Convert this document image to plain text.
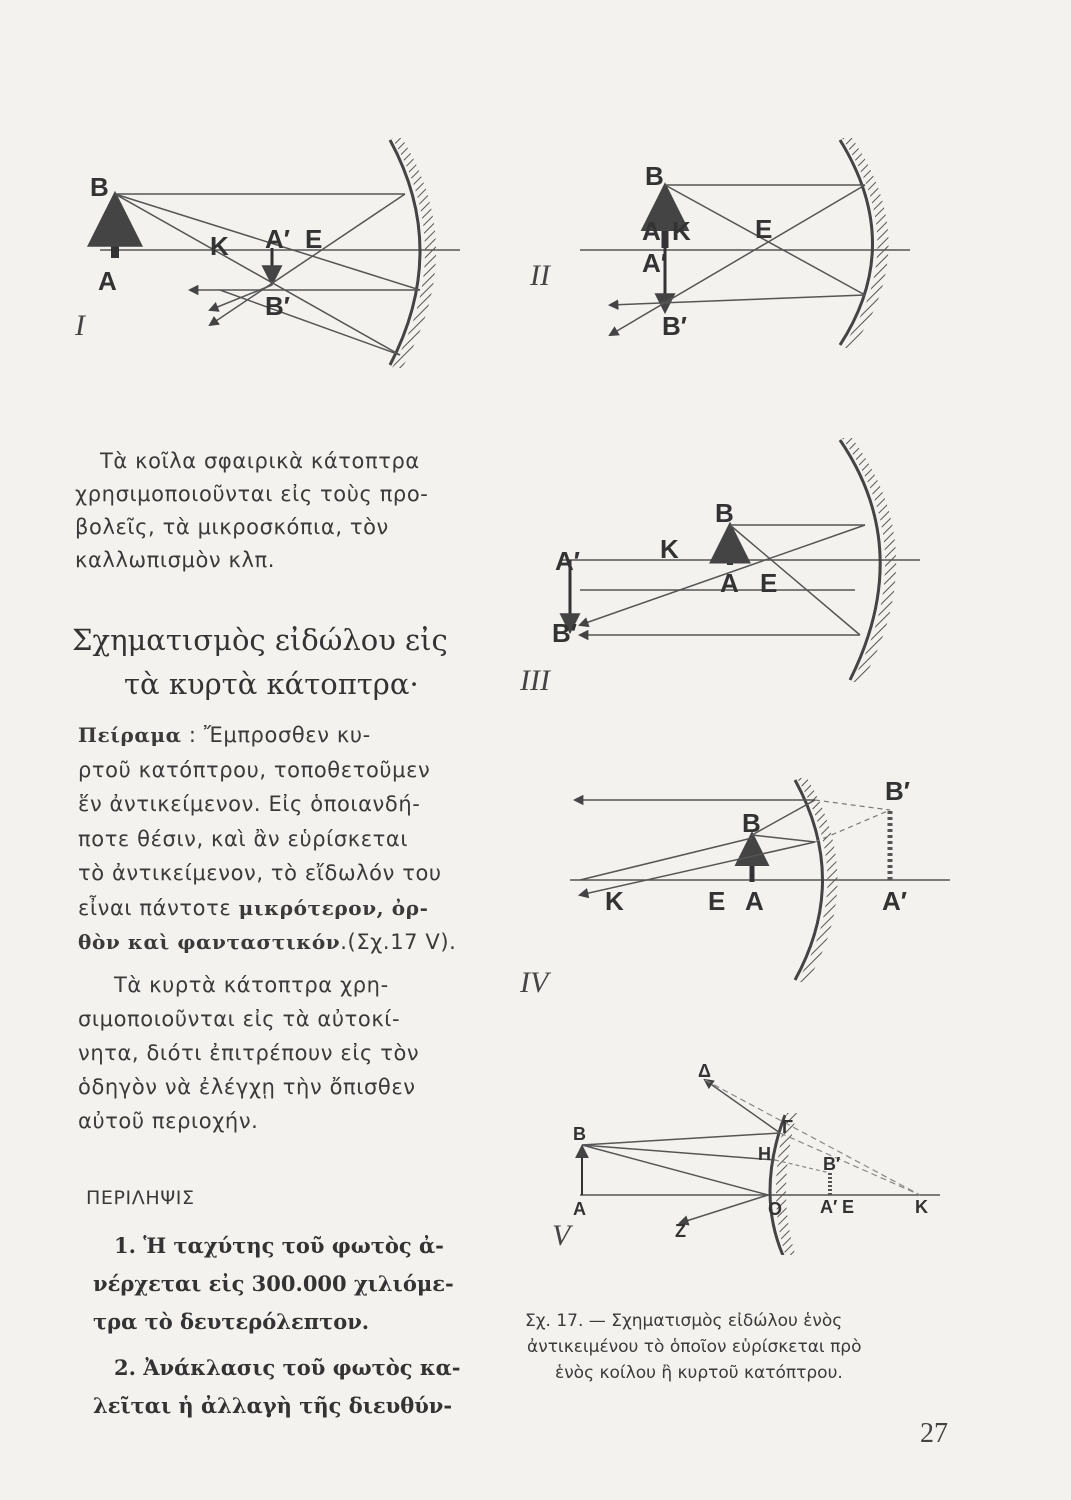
B
A
K A′ E
B′
I
B
A K E
A′
B′
II
Τὰ κοῖλα σφαιρικὰ κάτοπτρα
χρησιμοποιοῦνται εἰς τοὺς προ-
βολεῖς, τὰ μικροσκόπια, τὸν
καλλωπισμὸν κλπ.	A′	K
B
A E
B′
III
Σχηματισμὸς εἰδώλου εἰς
τὰ κυρτὰ κάτοπτρα·
Πείραμα : Ἔμπροσθεν κυ-
ρτοῦ κατόπτρου, τοποθετοῦμεν
ἕν ἀντικείμενον. Εἰς ὁποιανδή-
ποτε θέσιν, καὶ ἂν εὑρίσκεται
τὸ ἀντικείμενον, τὸ εἴδωλόν του
εἶναι πάντοτε μικρότερον, ὀρ-
θὸν καὶ φανταστικόν.(Σχ.17 V).
B′
B
K	E A	A′
IV
Τὰ κυρτὰ κάτοπτρα χρη-
σιμοποιοῦνται εἰς τὰ αὐτοκί-
νητα, διότι ἐπιτρέπουν εἰς τὸν
ὁδηγὸν νὰ ἐλέγχῃ τὴν ὄπισθεν
αὐτοῦ περιοχήν.
Δ
B	Γ
H	B′
A	O A′ E	K
Z
V
ΠΕΡΙΛΗΨΙΣ
1. Ἡ ταχύτης τοῦ φωτὸς ἀ-
νέρχεται εἰς 300.000 χιλιόμε-
τρα τὸ δευτερόλεπτον.
2. Ἀνάκλασις τοῦ φωτὸς κα-
λεῖται ἡ ἀλλαγὴ τῆς διευθύν-
Σχ. 17. — Σχηματισμὸς εἰδώλου ἑνὸς
ἀντικειμένου τὸ ὁποῖον εὑρίσκεται πρὸ
ἑνὸς κοίλου ἢ κυρτοῦ κατόπτρου.
27
